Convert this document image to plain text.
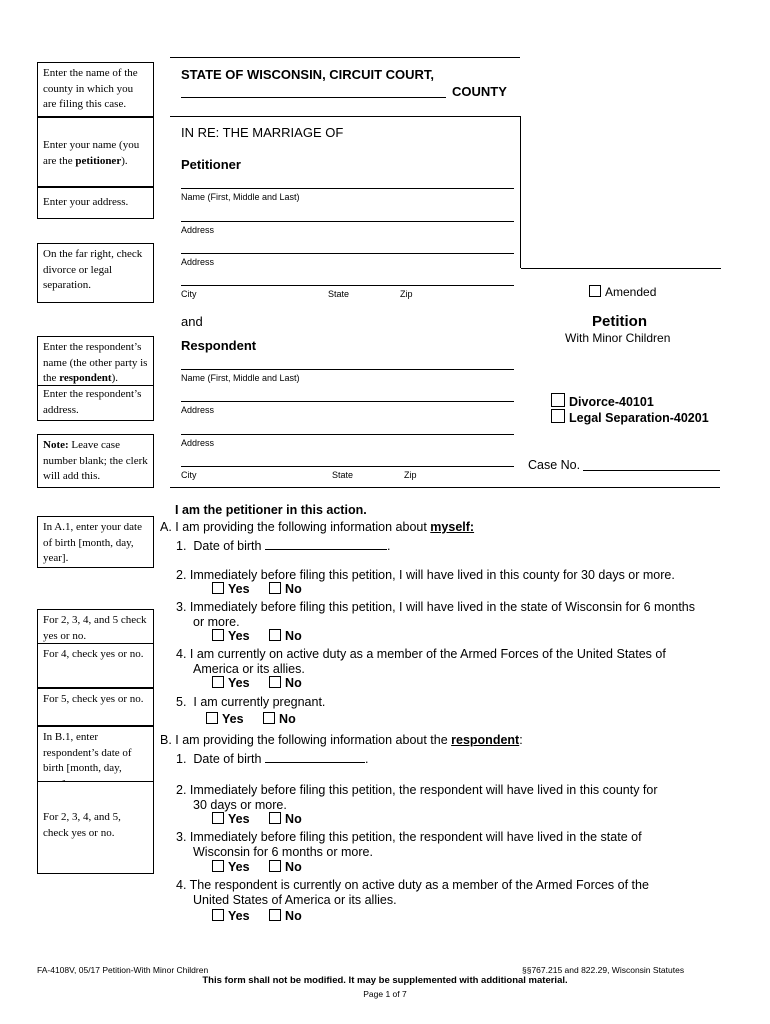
Enter the name of the county in which you are filing this case.
Enter your name (you are the petitioner).
Enter your address.
On the far right, check divorce or legal separation.
Enter the respondent’s name (the other party is the respondent).
Enter the respondent’s address.
Note: Leave case number blank; the clerk will add this.
In A.1, enter your date of birth [month, day, year].
For 2, 3, 4, and 5 check yes or no.
For 4, check yes or no.
For 5, check yes or no.
In B.1, enter respondent’s date of birth [month, day,
For 2, 3, 4, and 5, check yes or no.
STATE OF WISCONSIN, CIRCUIT COURT,
COUNTY
IN RE: THE MARRIAGE OF
Petitioner
Name (First, Middle and Last)
Address
Address
City	State	Zip
and
Respondent
Name (First, Middle and Last)
Address
Address
City	State	Zip
Amended
Petition
With Minor Children
Divorce-40101
Legal Separation-40201
Case No.
I am the petitioner in this action.
A. I am providing the following information about myself:
1. Date of birth	.
2. Immediately before filing this petition, I will have lived in this county for 30 days or more.
Yes	No
3. Immediately before filing this petition, I will have lived in the state of Wisconsin for 6 months
or more.
Yes	No
4. I am currently on active duty as a member of the Armed Forces of the United States of
America or its allies.
Yes	No
5. I am currently pregnant.
Yes	No
B. I am providing the following information about the respondent:
1. Date of birth	.
2. Immediately before filing this petition, the respondent will have lived in this county for
30 days or more.
Yes	No
3. Immediately before filing this petition, the respondent will have lived in the state of
Wisconsin for 6 months or more.
Yes	No
4. The respondent is currently on active duty as a member of the Armed Forces of the
United States of America or its allies.
Yes	No
FA-4108V, 05/17 Petition-With Minor Children	§§767.215 and 822.29, Wisconsin Statutes
This form shall not be modified. It may be supplemented with additional material.
Page 1 of 7
